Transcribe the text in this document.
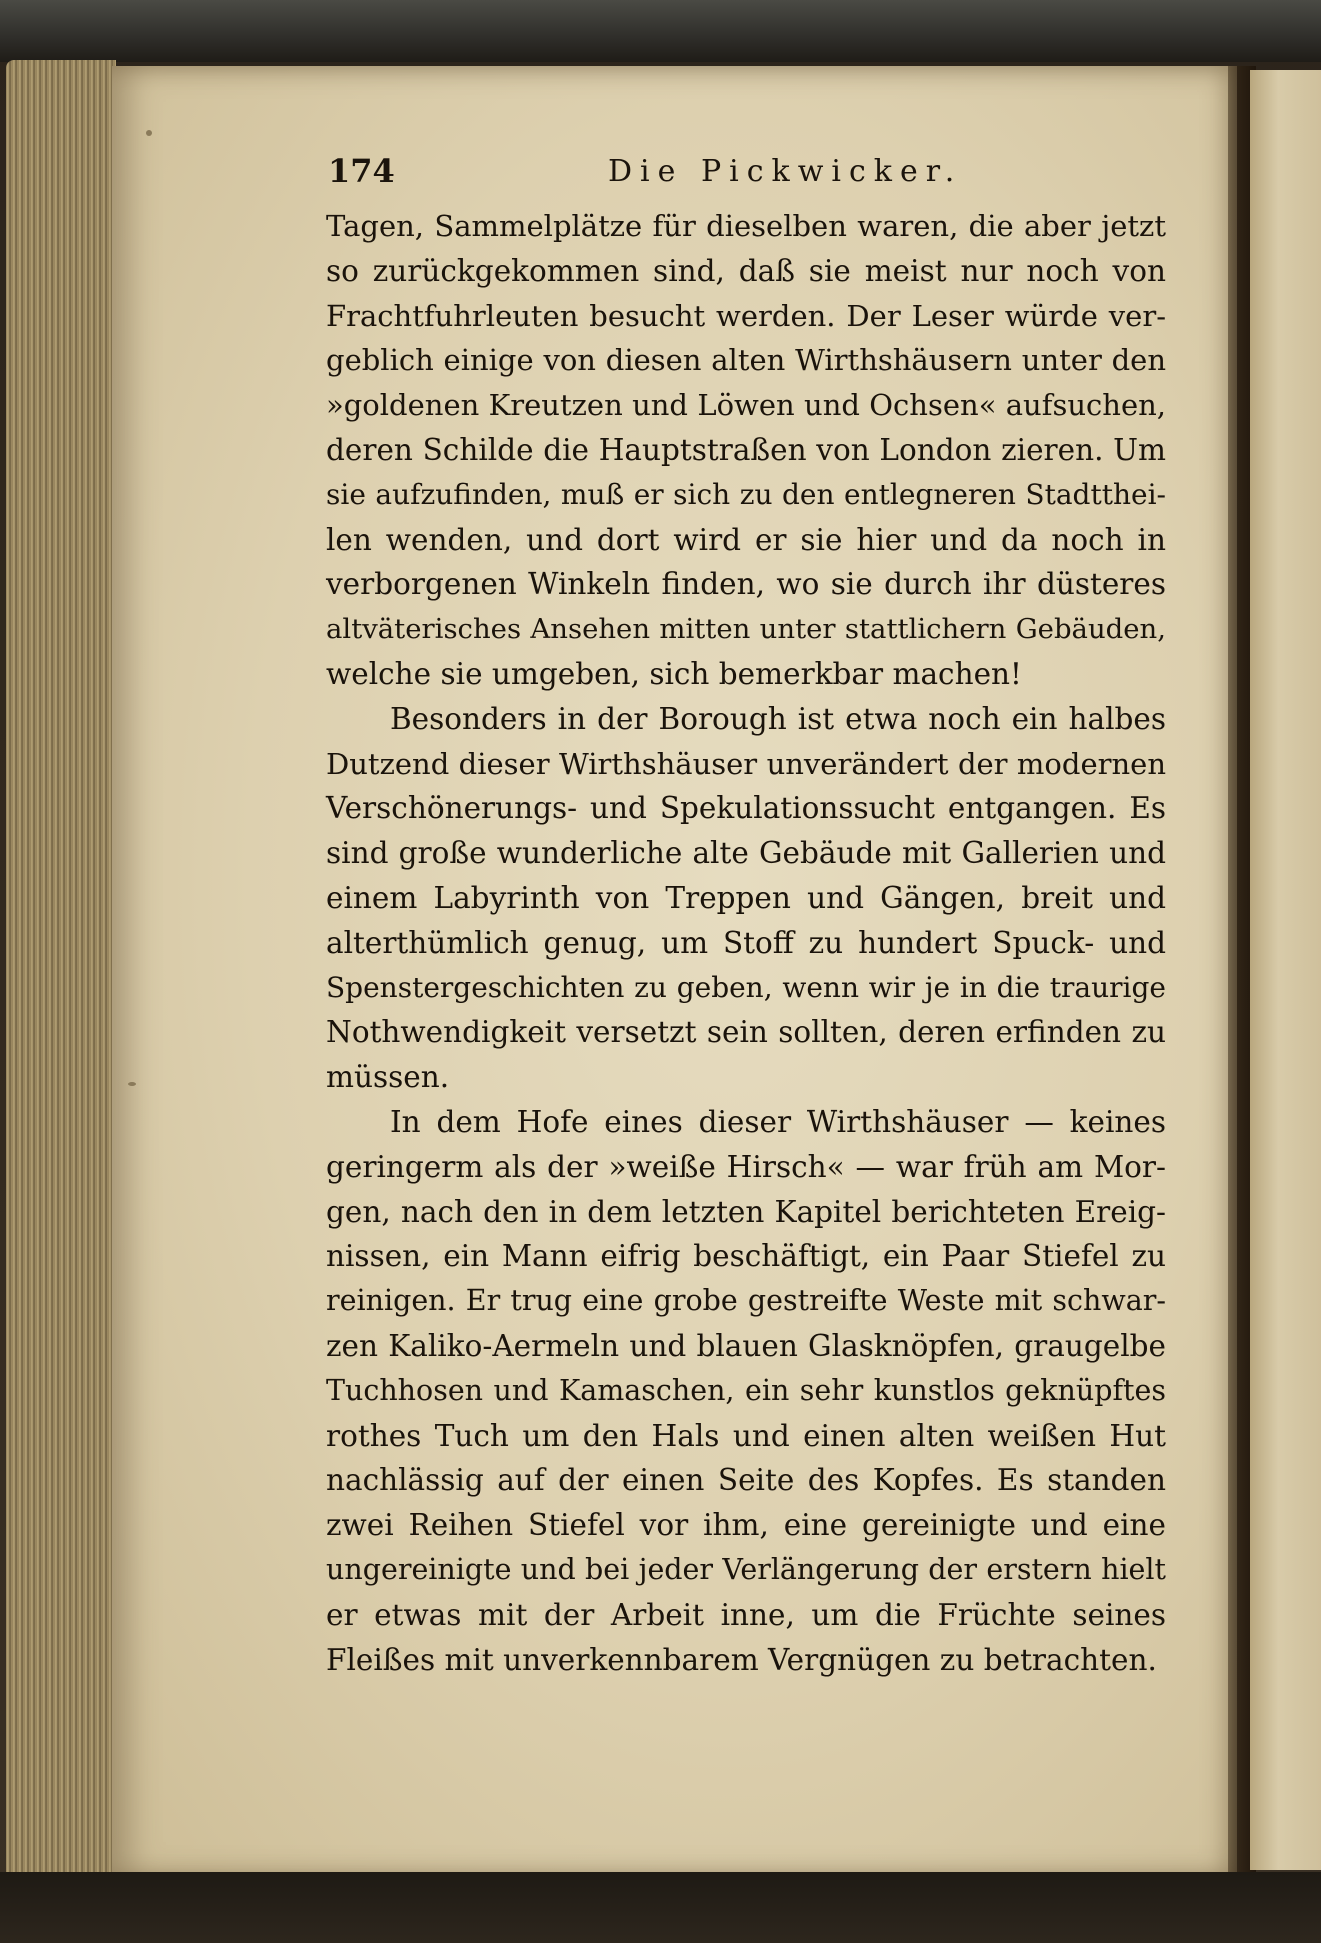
174	Die Pickwicker.
Tagen, Sammelplätze für dieselben waren, die aber jetzt
so zurückgekommen sind, daß sie meist nur noch von
Frachtfuhrleuten besucht werden. Der Leser würde ver-
geblich einige von diesen alten Wirthshäusern unter den
»goldenen Kreutzen und Löwen und Ochsen« aufsuchen,
deren Schilde die Hauptstraßen von London zieren. Um
sie aufzufinden, muß er sich zu den entlegneren Stadtthei-
len wenden, und dort wird er sie hier und da noch in
verborgenen Winkeln finden, wo sie durch ihr düsteres
altväterisches Ansehen mitten unter stattlichern Gebäuden,
welche sie umgeben, sich bemerkbar machen!
Besonders in der Borough ist etwa noch ein halbes
Dutzend dieser Wirthshäuser unverändert der modernen
Verschönerungs- und Spekulationssucht entgangen. Es
sind große wunderliche alte Gebäude mit Gallerien und
einem Labyrinth von Treppen und Gängen, breit und
alterthümlich genug, um Stoff zu hundert Spuck- und
Spenstergeschichten zu geben, wenn wir je in die traurige
Nothwendigkeit versetzt sein sollten, deren erfinden zu
müssen.
In dem Hofe eines dieser Wirthshäuser — keines
geringerm als der »weiße Hirsch« — war früh am Mor-
gen, nach den in dem letzten Kapitel berichteten Ereig-
nissen, ein Mann eifrig beschäftigt, ein Paar Stiefel zu
reinigen. Er trug eine grobe gestreifte Weste mit schwar-
zen Kaliko-Aermeln und blauen Glasknöpfen, graugelbe
Tuchhosen und Kamaschen, ein sehr kunstlos geknüpftes
rothes Tuch um den Hals und einen alten weißen Hut
nachlässig auf der einen Seite des Kopfes. Es standen
zwei Reihen Stiefel vor ihm, eine gereinigte und eine
ungereinigte und bei jeder Verlängerung der erstern hielt
er etwas mit der Arbeit inne, um die Früchte seines
Fleißes mit unverkennbarem Vergnügen zu betrachten.
